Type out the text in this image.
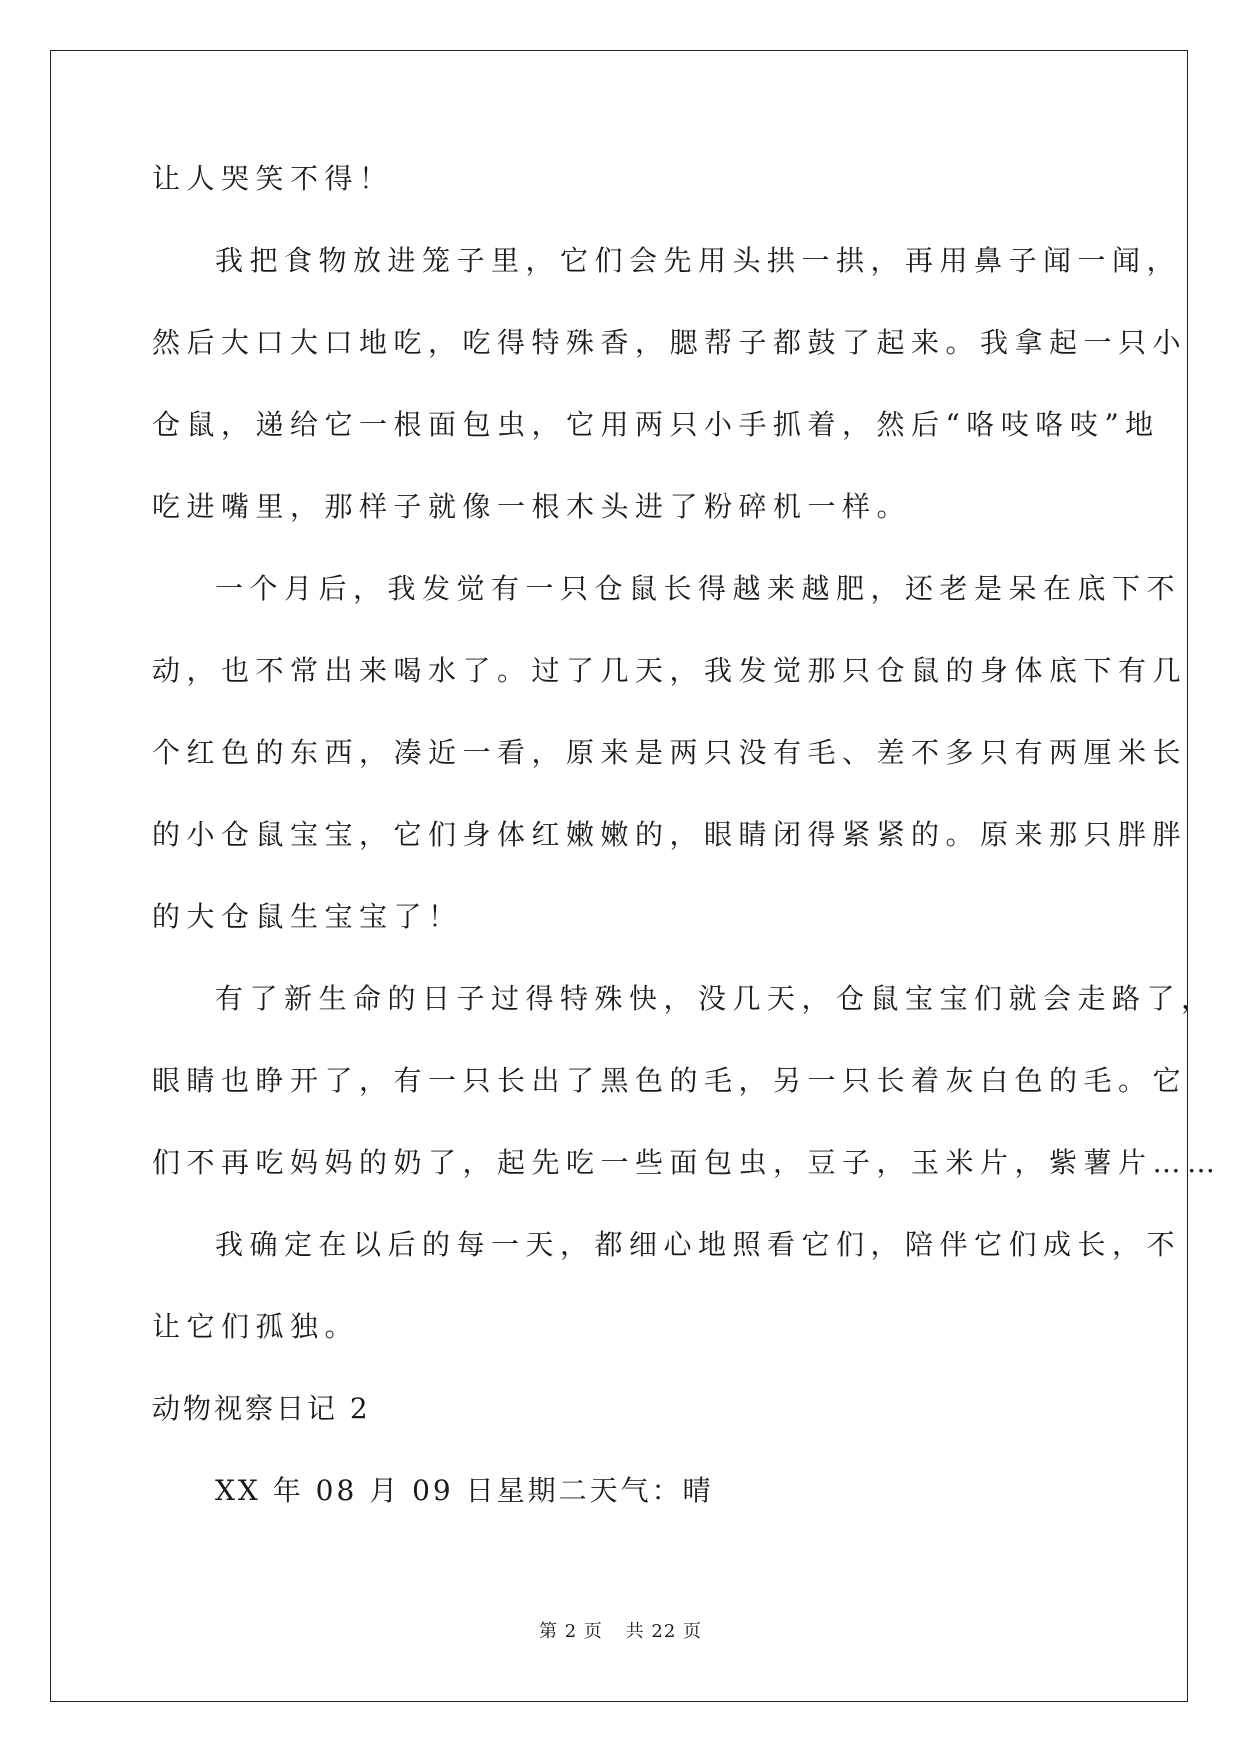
让人哭笑不得！
我把食物放进笼子里，它们会先用头拱一拱，再用鼻子闻一闻，
然后大口大口地吃，吃得特殊香，腮帮子都鼓了起来。我拿起一只小
仓鼠，递给它一根面包虫，它用两只小手抓着，然后“咯吱咯吱”地
吃进嘴里，那样子就像一根木头进了粉碎机一样。
一个月后，我发觉有一只仓鼠长得越来越肥，还老是呆在底下不
动，也不常出来喝水了。过了几天，我发觉那只仓鼠的身体底下有几
个红色的东西，凑近一看，原来是两只没有毛、差不多只有两厘米长
的小仓鼠宝宝，它们身体红嫩嫩的，眼睛闭得紧紧的。原来那只胖胖
的大仓鼠生宝宝了！
有了新生命的日子过得特殊快，没几天，仓鼠宝宝们就会走路了，
眼睛也睁开了，有一只长出了黑色的毛，另一只长着灰白色的毛。它
们不再吃妈妈的奶了，起先吃一些面包虫，豆子，玉米片，紫薯片……
我确定在以后的每一天，都细心地照看它们，陪伴它们成长，不
让它们孤独。
动物视察日记 2
XX 年 08 月 09 日星期二天气：晴
第 2 页 共 22 页
